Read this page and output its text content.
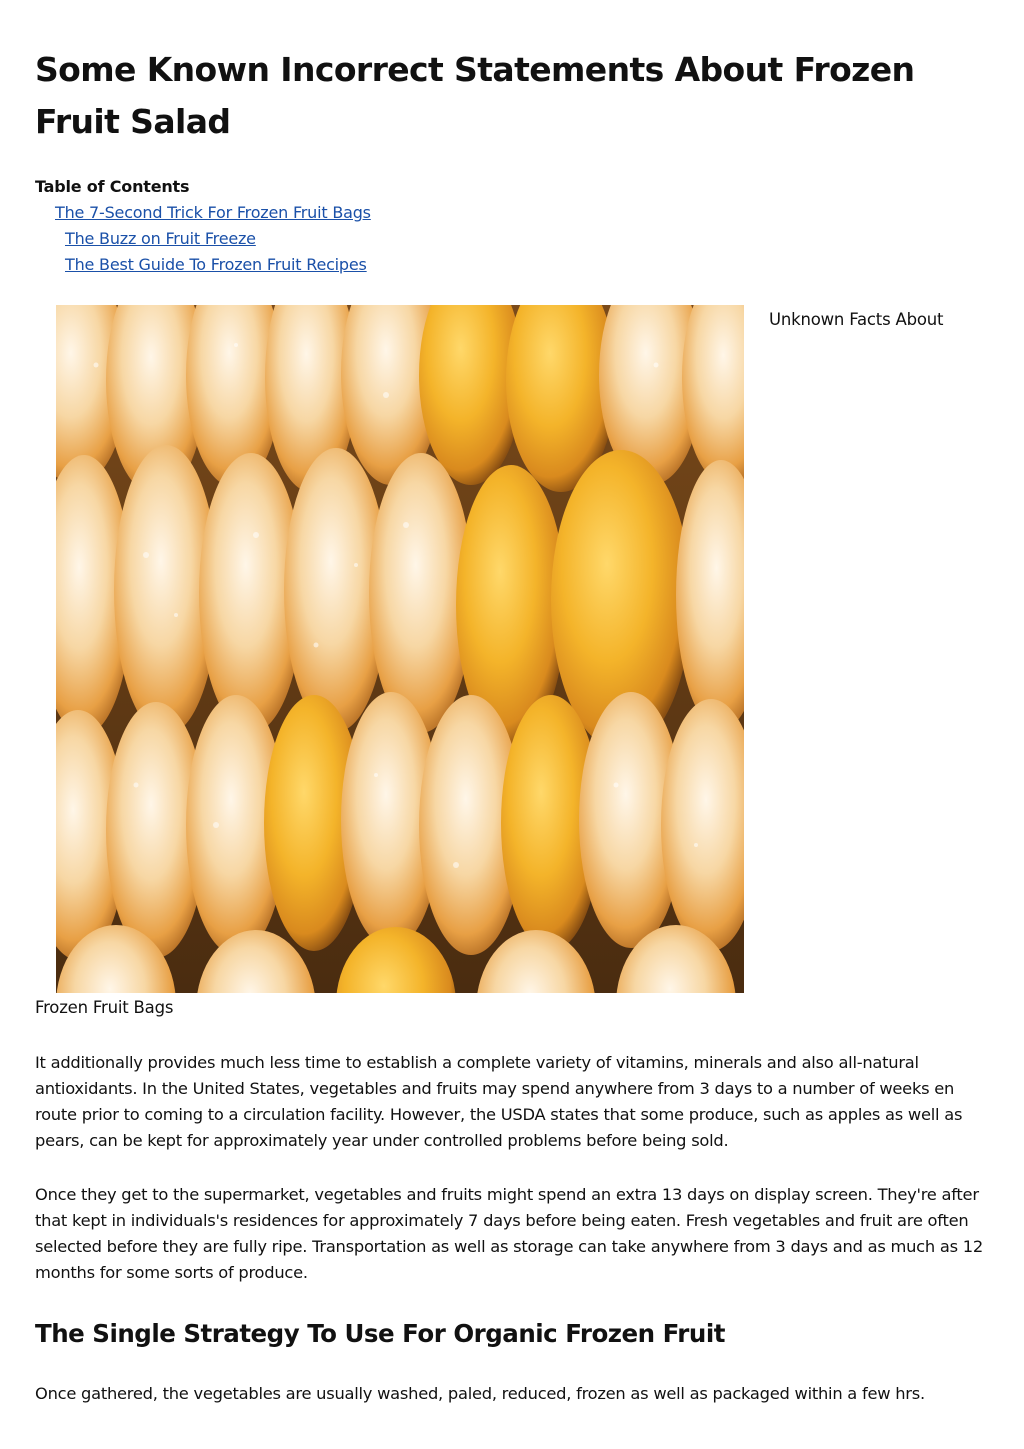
Some Known Incorrect Statements About Frozen Fruit Salad
Table of Contents
The 7-Second Trick For Frozen Fruit Bags
The Buzz on Fruit Freeze
The Best Guide To Frozen Fruit Recipes
Unknown Facts About
Frozen Fruit Bags

It additionally provides much less time to establish a complete variety of vitamins, minerals and also all-natural antioxidants. In the United States, vegetables and fruits may spend anywhere from 3 days to a number of weeks en route prior to coming to a circulation facility. However, the USDA states that some produce, such as apples as well as pears, can be kept for approximately year under controlled problems before being sold.

Once they get to the supermarket, vegetables and fruits might spend an extra 13 days on display screen. They're after that kept in individuals's residences for approximately 7 days before being eaten. Fresh vegetables and fruit are often selected before they are fully ripe. Transportation as well as storage can take anywhere from 3 days and as much as 12 months for some sorts of produce.

The Single Strategy To Use For Organic Frozen Fruit

Once gathered, the vegetables are usually washed, paled, reduced, frozen as well as packaged within a few hrs.
